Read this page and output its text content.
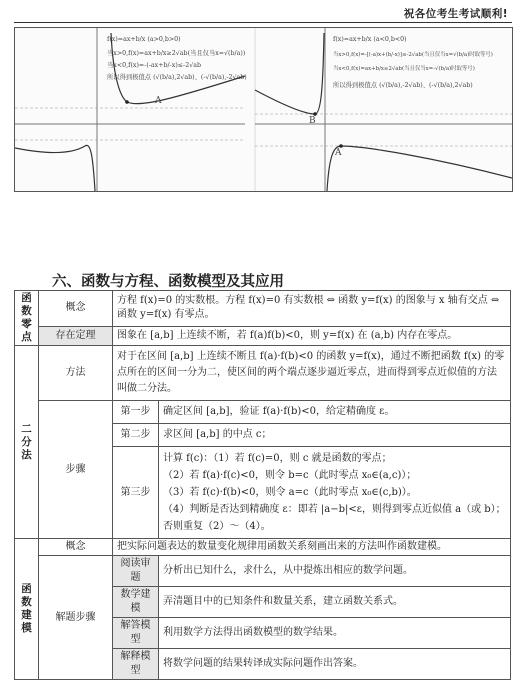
祝各位考生考试顺利!
f(x)=ax+b/x (a>0,b>0)
当x>0,f(x)=ax+b/x≥2√ab(当且仅当x=√(b/a))
当x<0,f(x)=-(-ax+b/-x)≤-2√ab
所以得到极值点 (√(b/a),2√ab)、(-√(b/a),-2√ab)
f(x)=ax+b/x (a<0,b<0)
当x>0,f(x)=-[(-a)x+(b/-x)]≤-2√ab(当且仅当x=√(b/a)时取等号)
当x<0,f(x)=ax+b/x≥2√ab(当且仅当x=-√(b/a)时取等号)
所以得到极值点 (√(b/a),-2√ab)、(-√(b/a),2√ab)
A
B
A
六、函数与方程、函数模型及其应用
函数零点	概念	方程 f(x)=0 的实数根。方程 f(x)=0 有实数根 ⇔ 函数 y=f(x) 的图象与 x 轴有交点 ⇔ 函数 y=f(x) 有零点。	
	存在定理	图象在 [a,b] 上连续不断，若 f(a)f(b)<0，则 y=f(x) 在 (a,b) 内存在零点。	
二分法	方法	对于在区间 [a,b] 上连续不断且 f(a)·f(b)<0 的函数 y=f(x)，通过不断把函数 f(x) 的零点所在的区间一分为二，使区间的两个端点逐步逼近零点，进而得到零点近似值的方法叫做二分法。	
	步骤	第一步	确定区间 [a,b]，验证 f(a)·f(b)<0，给定精确度 ε。
		第二步	求区间 [a,b] 的中点 c；
		第三步	计算 f(c)：（1）若 f(c)=0，则 c 就是函数的零点；
（2）若 f(a)·f(c)<0，则令 b=c（此时零点 x₀∈(a,c)）；
（3）若 f(c)·f(b)<0，则令 a=c（此时零点 x₀∈(c,b)）。
（4）判断是否达到精确度 ε：即若 |a−b|<ε，则得到零点近似值 a（或 b）；
否则重复（2）～（4）。

函数建模	概念	把实际问题表达的数量变化规律用函数关系刻画出来的方法叫作函数建模。	
	解题步骤	阅读审题	分析出已知什么，求什么，从中提炼出相应的数学问题。
		数学建模	弄清题目中的已知条件和数量关系，建立函数关系式。
		解答模型	利用数学方法得出函数模型的数学结果。
		解释模型	将数学问题的结果转译成实际问题作出答案。
